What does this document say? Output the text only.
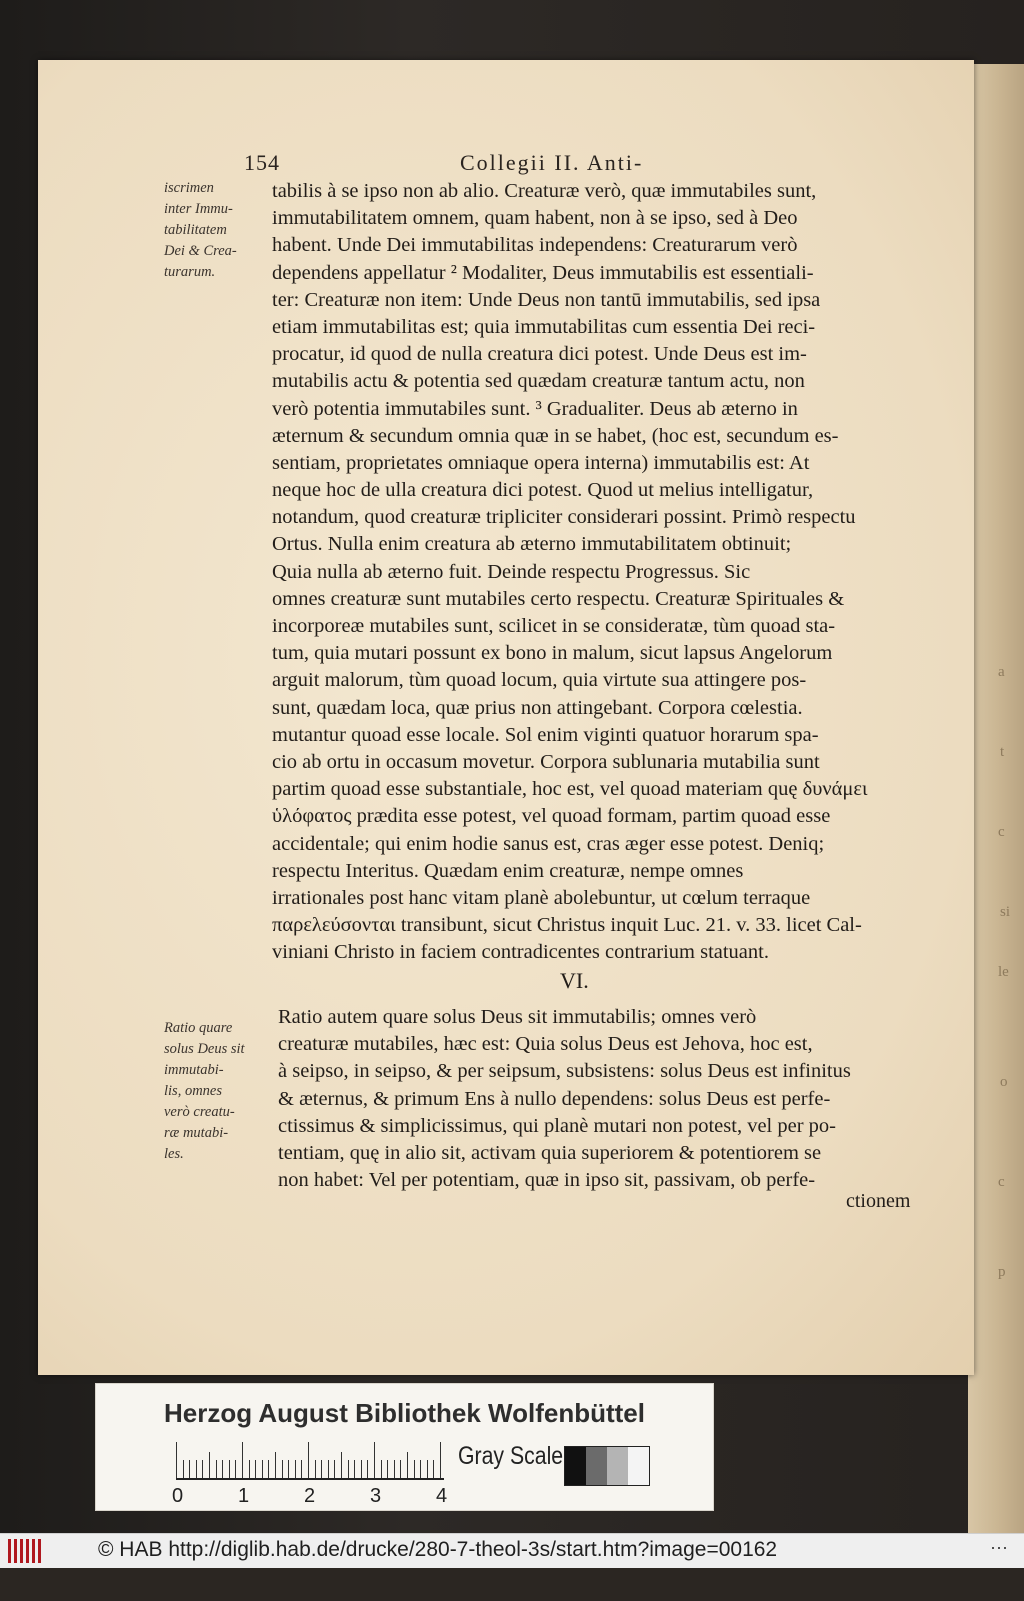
a
t
c
si
le
o
c
p
154	Collegii II. Anti-
iscrimen
inter Immu-
tabilitatem
Dei & Crea-
turarum.
tabilis à se ipso non ab alio. Creaturæ verò, quæ immutabiles sunt,
immutabilitatem omnem, quam habent, non à se ipso, sed à Deo
habent. Unde Dei immutabilitas independens: Creaturarum verò
dependens appellatur ² Modaliter, Deus immutabilis est essentiali-
ter: Creaturæ non item: Unde Deus non tantū immutabilis, sed ipsa
etiam immutabilitas est; quia immutabilitas cum essentia Dei reci-
procatur, id quod de nulla creatura dici potest. Unde Deus est im-
mutabilis actu & potentia sed quædam creaturæ tantum actu, non
verò potentia immutabiles sunt. ³ Gradualiter. Deus ab æterno in
æternum & secundum omnia quæ in se habet, (hoc est, secundum es-
sentiam, proprietates omniaque opera interna) immutabilis est: At
neque hoc de ulla creatura dici potest. Quod ut melius intelligatur,
notandum, quod creaturæ tripliciter considerari possint. Primò respectu
Ortus. Nulla enim creatura ab æterno immutabilitatem obtinuit;
Quia nulla ab æterno fuit. Deinde respectu Progressus. Sic
omnes creaturæ sunt mutabiles certo respectu. Creaturæ Spirituales &
incorporeæ mutabiles sunt, scilicet in se consideratæ, tùm quoad sta-
tum, quia mutari possunt ex bono in malum, sicut lapsus Angelorum
arguit malorum, tùm quoad locum, quia virtute sua attingere pos-
sunt, quædam loca, quæ prius non attingebant. Corpora cœlestia.
mutantur quoad esse locale. Sol enim viginti quatuor horarum spa-
cio ab ortu in occasum movetur. Corpora sublunaria mutabilia sunt
partim quoad esse substantiale, hoc est, vel quoad materiam quę δυνάμει
ὑλόφατος prædita esse potest, vel quoad formam, partim quoad esse
accidentale; qui enim hodie sanus est, cras æger esse potest. Deniq;
respectu Interitus. Quædam enim creaturæ, nempe omnes
irrationales post hanc vitam planè abolebuntur, ut cœlum terraque
παρελεύσονται transibunt, sicut Christus inquit Luc. 21. v. 33. licet Cal-
viniani Christo in faciem contradicentes contrarium statuant.
VI.
Ratio quare
solus Deus sit
immutabi-
lis, omnes
verò creatu-
ræ mutabi-
les.
Ratio autem quare solus Deus sit immutabilis; omnes verò
creaturæ mutabiles, hæc est: Quia solus Deus est Jehova, hoc est,
à seipso, in seipso, & per seipsum, subsistens: solus Deus est infinitus
& æternus, & primum Ens à nullo dependens: solus Deus est perfe-
ctissimus & simplicissimus, qui planè mutari non potest, vel per po-
tentiam, quę in alio sit, activam quia superiorem & potentiorem se
non habet: Vel per potentiam, quæ in ipso sit, passivam, ob perfe-
ctionem
Herzog August Bibliothek Wolfenbüttel
0	1	2	3	4
Gray Scale
© HAB http://diglib.hab.de/drucke/280-7-theol-3s/start.htm?image=00162	⋯
